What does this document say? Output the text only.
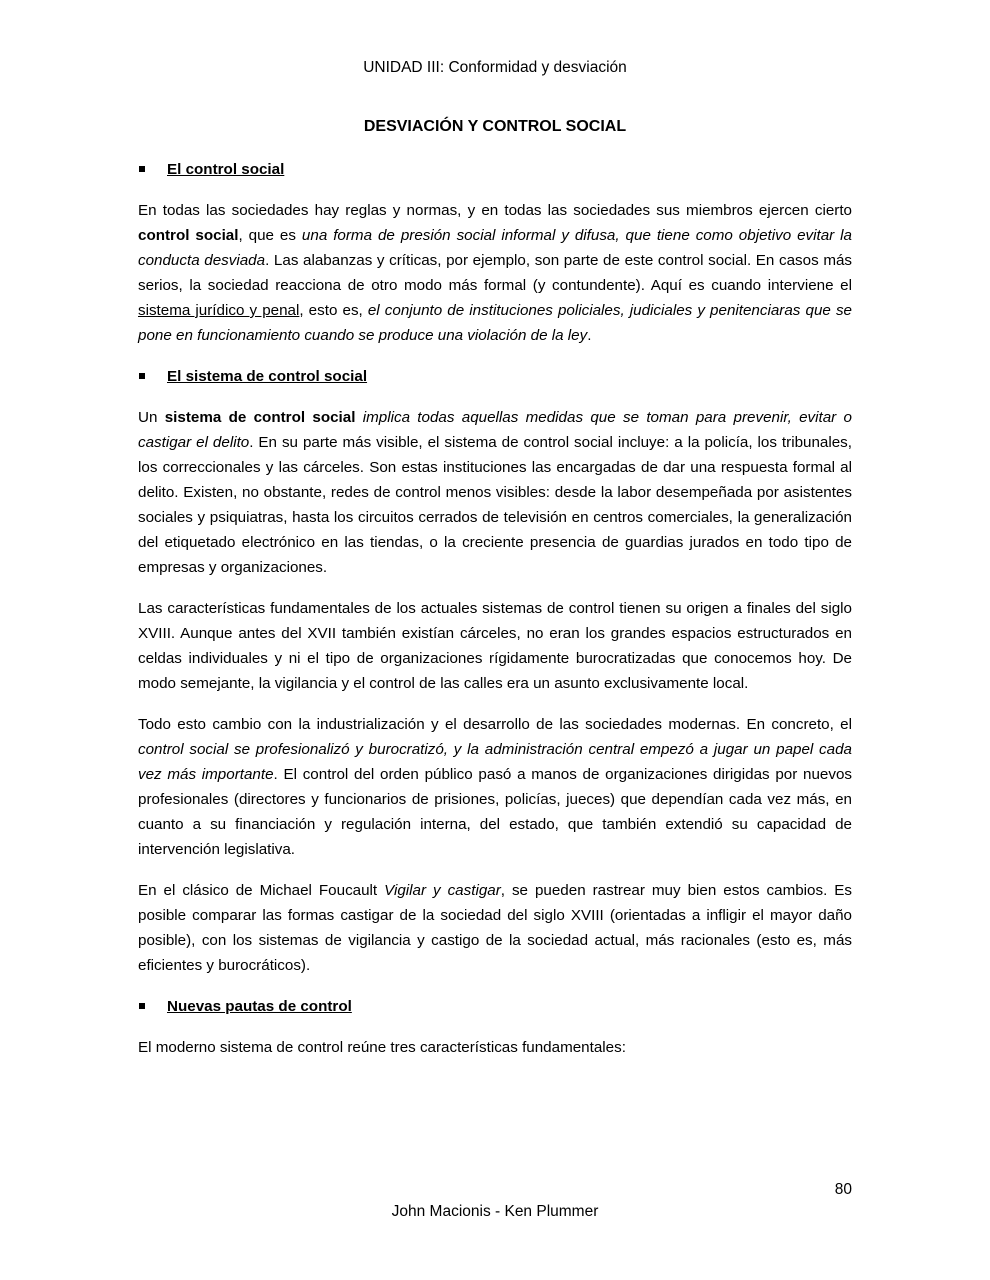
UNIDAD III: Conformidad y desviación
DESVIACIÓN Y CONTROL SOCIAL
El control social

En todas las sociedades hay reglas y normas, y en todas las sociedades sus miembros ejercen cierto control social, que es una forma de presión social informal y difusa, que tiene como objetivo evitar la conducta desviada. Las alabanzas y críticas, por ejemplo, son parte de este control social. En casos más serios, la sociedad reacciona de otro modo más formal (y contundente). Aquí es cuando interviene el sistema jurídico y penal, esto es, el conjunto de instituciones policiales, judiciales y penitenciaras que se pone en funcionamiento cuando se produce una violación de la ley.

El sistema de control social

Un sistema de control social implica todas aquellas medidas que se toman para prevenir, evitar o castigar el delito. En su parte más visible, el sistema de control social incluye: a la policía, los tribunales, los correccionales y las cárceles. Son estas instituciones las encargadas de dar una respuesta formal al delito. Existen, no obstante, redes de control menos visibles: desde la labor desempeñada por asistentes sociales y psiquiatras, hasta los circuitos cerrados de televisión en centros comerciales, la generalización del etiquetado electrónico en las tiendas, o la creciente presencia de guardias jurados en todo tipo de empresas y organizaciones.

Las características fundamentales de los actuales sistemas de control tienen su origen a finales del siglo XVIII. Aunque antes del XVII también existían cárceles, no eran los grandes espacios estructurados en celdas individuales y ni el tipo de organizaciones rígidamente burocratizadas que conocemos hoy. De modo semejante, la vigilancia y el control de las calles era un asunto exclusivamente local.

Todo esto cambio con la industrialización y el desarrollo de las sociedades modernas. En concreto, el control social se profesionalizó y burocratizó, y la administración central empezó a jugar un papel cada vez más importante. El control del orden público pasó a manos de organizaciones dirigidas por nuevos profesionales (directores y funcionarios de prisiones, policías, jueces) que dependían cada vez más, en cuanto a su financiación y regulación interna, del estado, que también extendió su capacidad de intervención legislativa.

En el clásico de Michael Foucault Vigilar y castigar, se pueden rastrear muy bien estos cambios. Es posible comparar las formas castigar de la sociedad del siglo XVIII (orientadas a infligir el mayor daño posible), con los sistemas de vigilancia y castigo de la sociedad actual, más racionales (esto es, más eficientes y burocráticos).

Nuevas pautas de control

El moderno sistema de control reúne tres características fundamentales:

80
John Macionis - Ken Plummer
